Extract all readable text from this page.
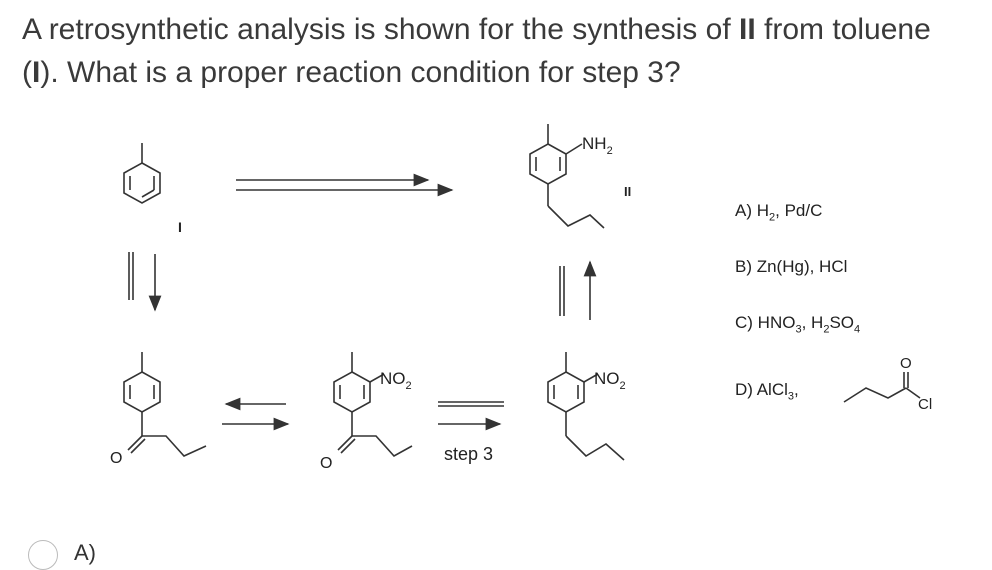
A retrosynthetic analysis is shown for the synthesis of II from toluene (I). What is a proper reaction condition for step 3?
I
$NH_2$
II
O
$NO_2$
O	step 3
$NO_2$
O
Cl
A) $H_2$, Pd/C
B) Zn(Hg), HCl
C) $HNO_3$, $H_2SO_4$
D) AlCl$_3$,
A)
